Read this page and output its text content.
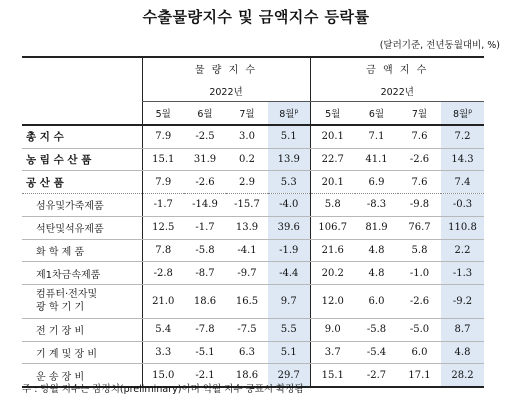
수출물량지수 및 금액지수 등락률
(달러기준, 전년동월대비, %)
	물 량 지 수				금 액 지 수			
	2022년				2022년			
	5월	6월	7월	8월$^p$	5월	6월	7월	8월$^p$
총 지 수	7.9	-2.5	3.0	5.1	20.1	7.1	7.6	7.2
농 림 수 산 품	15.1	31.9	0.2	13.9	22.7	41.1	-2.6	14.3
공 산 품	7.9	-2.6	2.9	5.3	20.1	6.9	7.6	7.4
섬유및가죽제품	-1.7	-14.9	-15.7	-4.0	5.8	-8.3	-9.8	-0.3
석탄및석유제품	12.5	-1.7	13.9	39.6	106.7	81.9	76.7	110.8
화 학 제 품	7.8	-5.8	-4.1	-1.9	21.6	4.8	5.8	2.2
제1차금속제품	-2.8	-8.7	-9.7	-4.4	20.2	4.8	-1.0	-1.3
컴퓨터·전자및
광 학 기 기	21.0	18.6	16.5	9.7	12.0	6.0	-2.6	-9.2
전 기 장 비	5.4	-7.8	-7.5	5.5	9.0	-5.8	-5.0	8.7
기 계 및 장 비	3.3	-5.1	6.3	5.1	3.7	-5.4	6.0	4.8
운 송 장 비	15.0	-2.1	18.6	29.7	15.1	-2.7	17.1	28.2
주 : 당월 지수는 잠정치(preliminary)이며 익월 지수 공표시 확정됨
